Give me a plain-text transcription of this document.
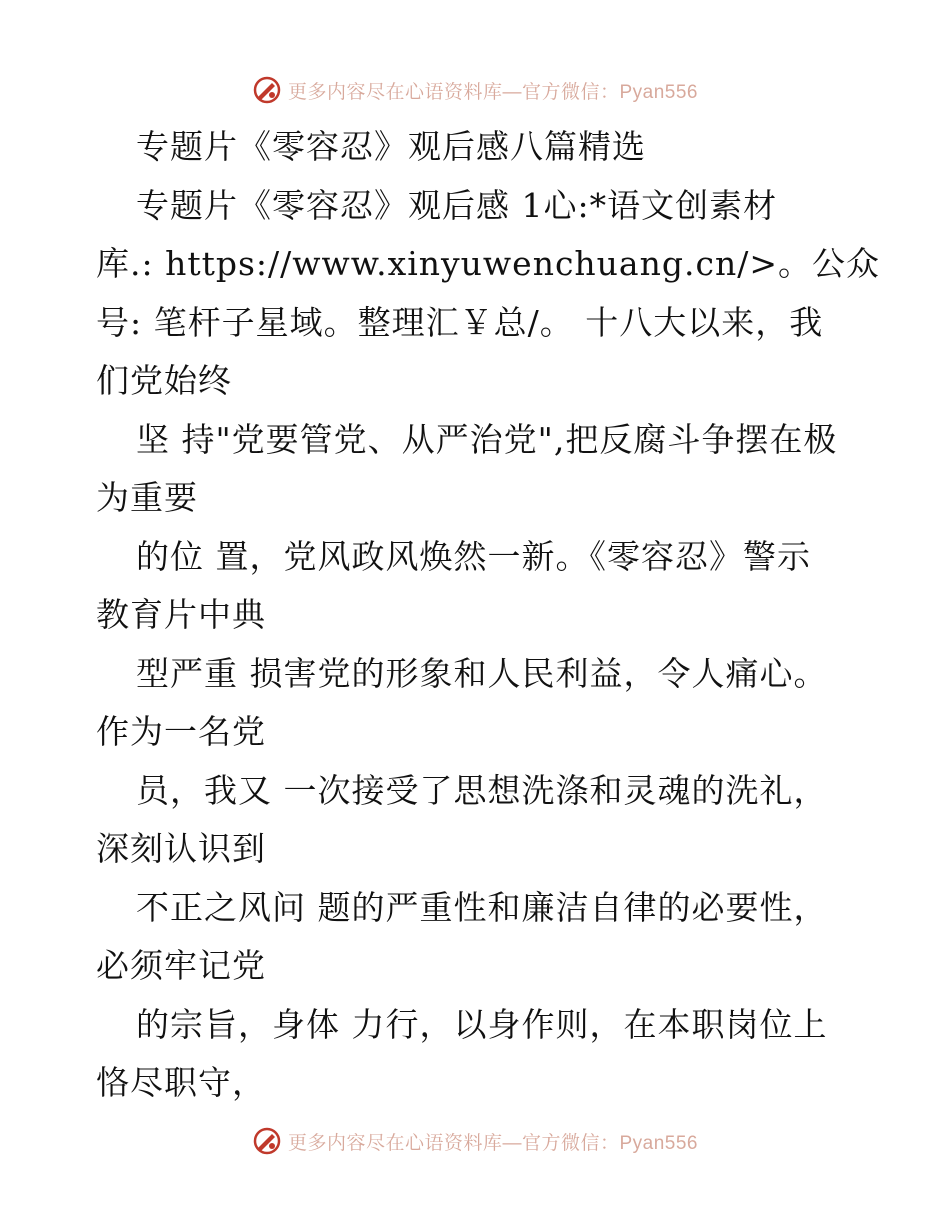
更多内容尽在心语资料库—官方微信：Pyan556
专题片《零容忍》观后感八篇精选
专题片《零容忍》观后感 1心:*语文创素材
库.: https://www.xinyuwenchuang.cn/>。公众
号: 笔杆子星域。整理汇￥总/。 十八大以来，我
们党始终
坚 持"党要管党、从严治党",把反腐斗争摆在极
为重要
的位 置，党风政风焕然一新。《零容忍》警示
教育片中典
型严重 损害党的形象和人民利益，令人痛心。
作为一名党
员，我又 一次接受了思想洗涤和灵魂的洗礼，
深刻认识到
不正之风问 题的严重性和廉洁自律的必要性，
必须牢记党
的宗旨，身体 力行，以身作则，在本职岗位上
恪尽职守，
更多内容尽在心语资料库—官方微信：Pyan556
